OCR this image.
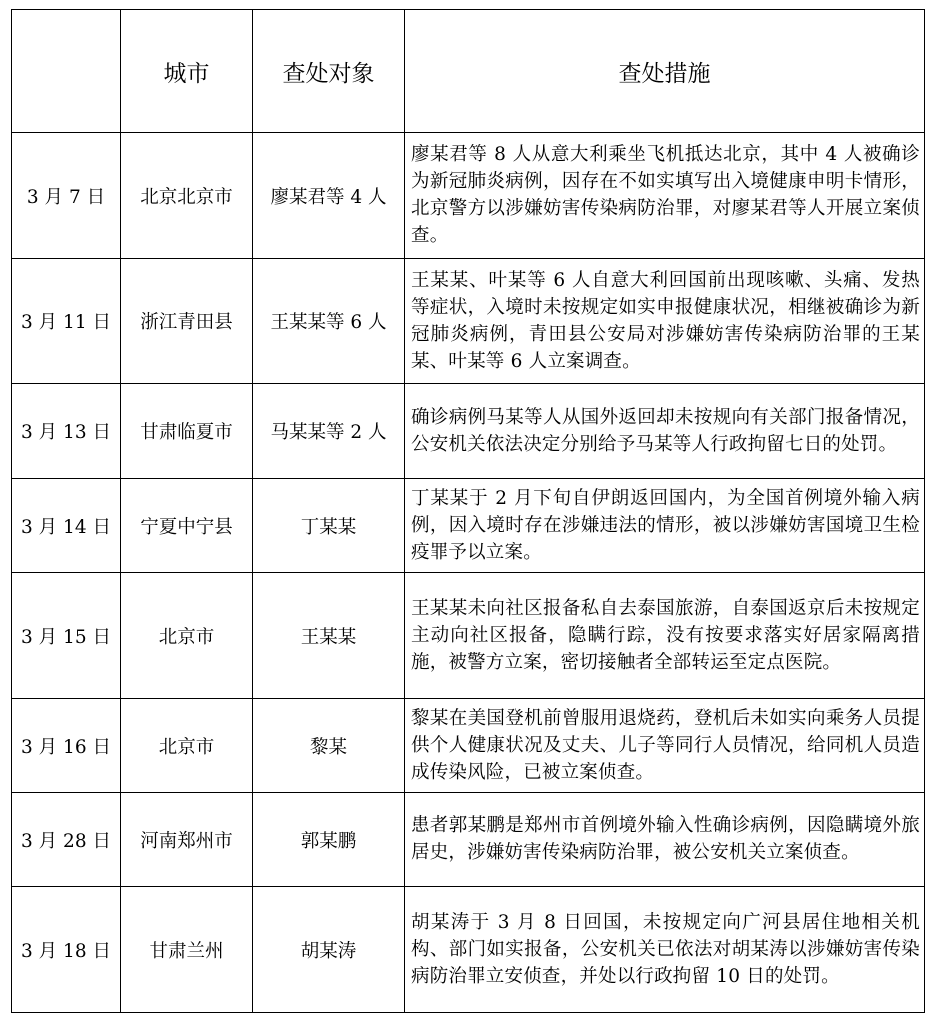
	城市	查处对象	查处措施
3 月 7 日	北京北京市	廖某君等 4 人	廖某君等 8 人从意大利乘坐飞机抵达北京，其中 4 人被确诊为新冠肺炎病例，因存在不如实填写出入境健康申明卡情形，北京警方以涉嫌妨害传染病防治罪，对廖某君等人开展立案侦查。
3 月 11 日	浙江青田县	王某某等 6 人	王某某、叶某等 6 人自意大利回国前出现咳嗽、头痛、发热等症状，入境时未按规定如实申报健康状况，相继被确诊为新冠肺炎病例，青田县公安局对涉嫌妨害传染病防治罪的王某某、叶某等 6 人立案调查。
3 月 13 日	甘肃临夏市	马某某等 2 人	确诊病例马某等人从国外返回却未按规向有关部门报备情况，公安机关依法决定分别给予马某等人行政拘留七日的处罚。
3 月 14 日	宁夏中宁县	丁某某	丁某某于 2 月下旬自伊朗返回国内，为全国首例境外输入病例，因入境时存在涉嫌违法的情形，被以涉嫌妨害国境卫生检疫罪予以立案。
3 月 15 日	北京市	王某某	王某某未向社区报备私自去泰国旅游，自泰国返京后未按规定主动向社区报备，隐瞒行踪，没有按要求落实好居家隔离措施，被警方立案，密切接触者全部转运至定点医院。
3 月 16 日	北京市	黎某	黎某在美国登机前曾服用退烧药，登机后未如实向乘务人员提供个人健康状况及丈夫、儿子等同行人员情况，给同机人员造成传染风险，已被立案侦查。
3 月 28 日	河南郑州市	郭某鹏	患者郭某鹏是郑州市首例境外输入性确诊病例，因隐瞒境外旅居史，涉嫌妨害传染病防治罪，被公安机关立案侦查。
3 月 18 日	甘肃兰州	胡某涛	胡某涛于 3 月 8 日回国，未按规定向广河县居住地相关机构、部门如实报备，公安机关已依法对胡某涛以涉嫌妨害传染病防治罪立安侦查，并处以行政拘留 10 日的处罚。
